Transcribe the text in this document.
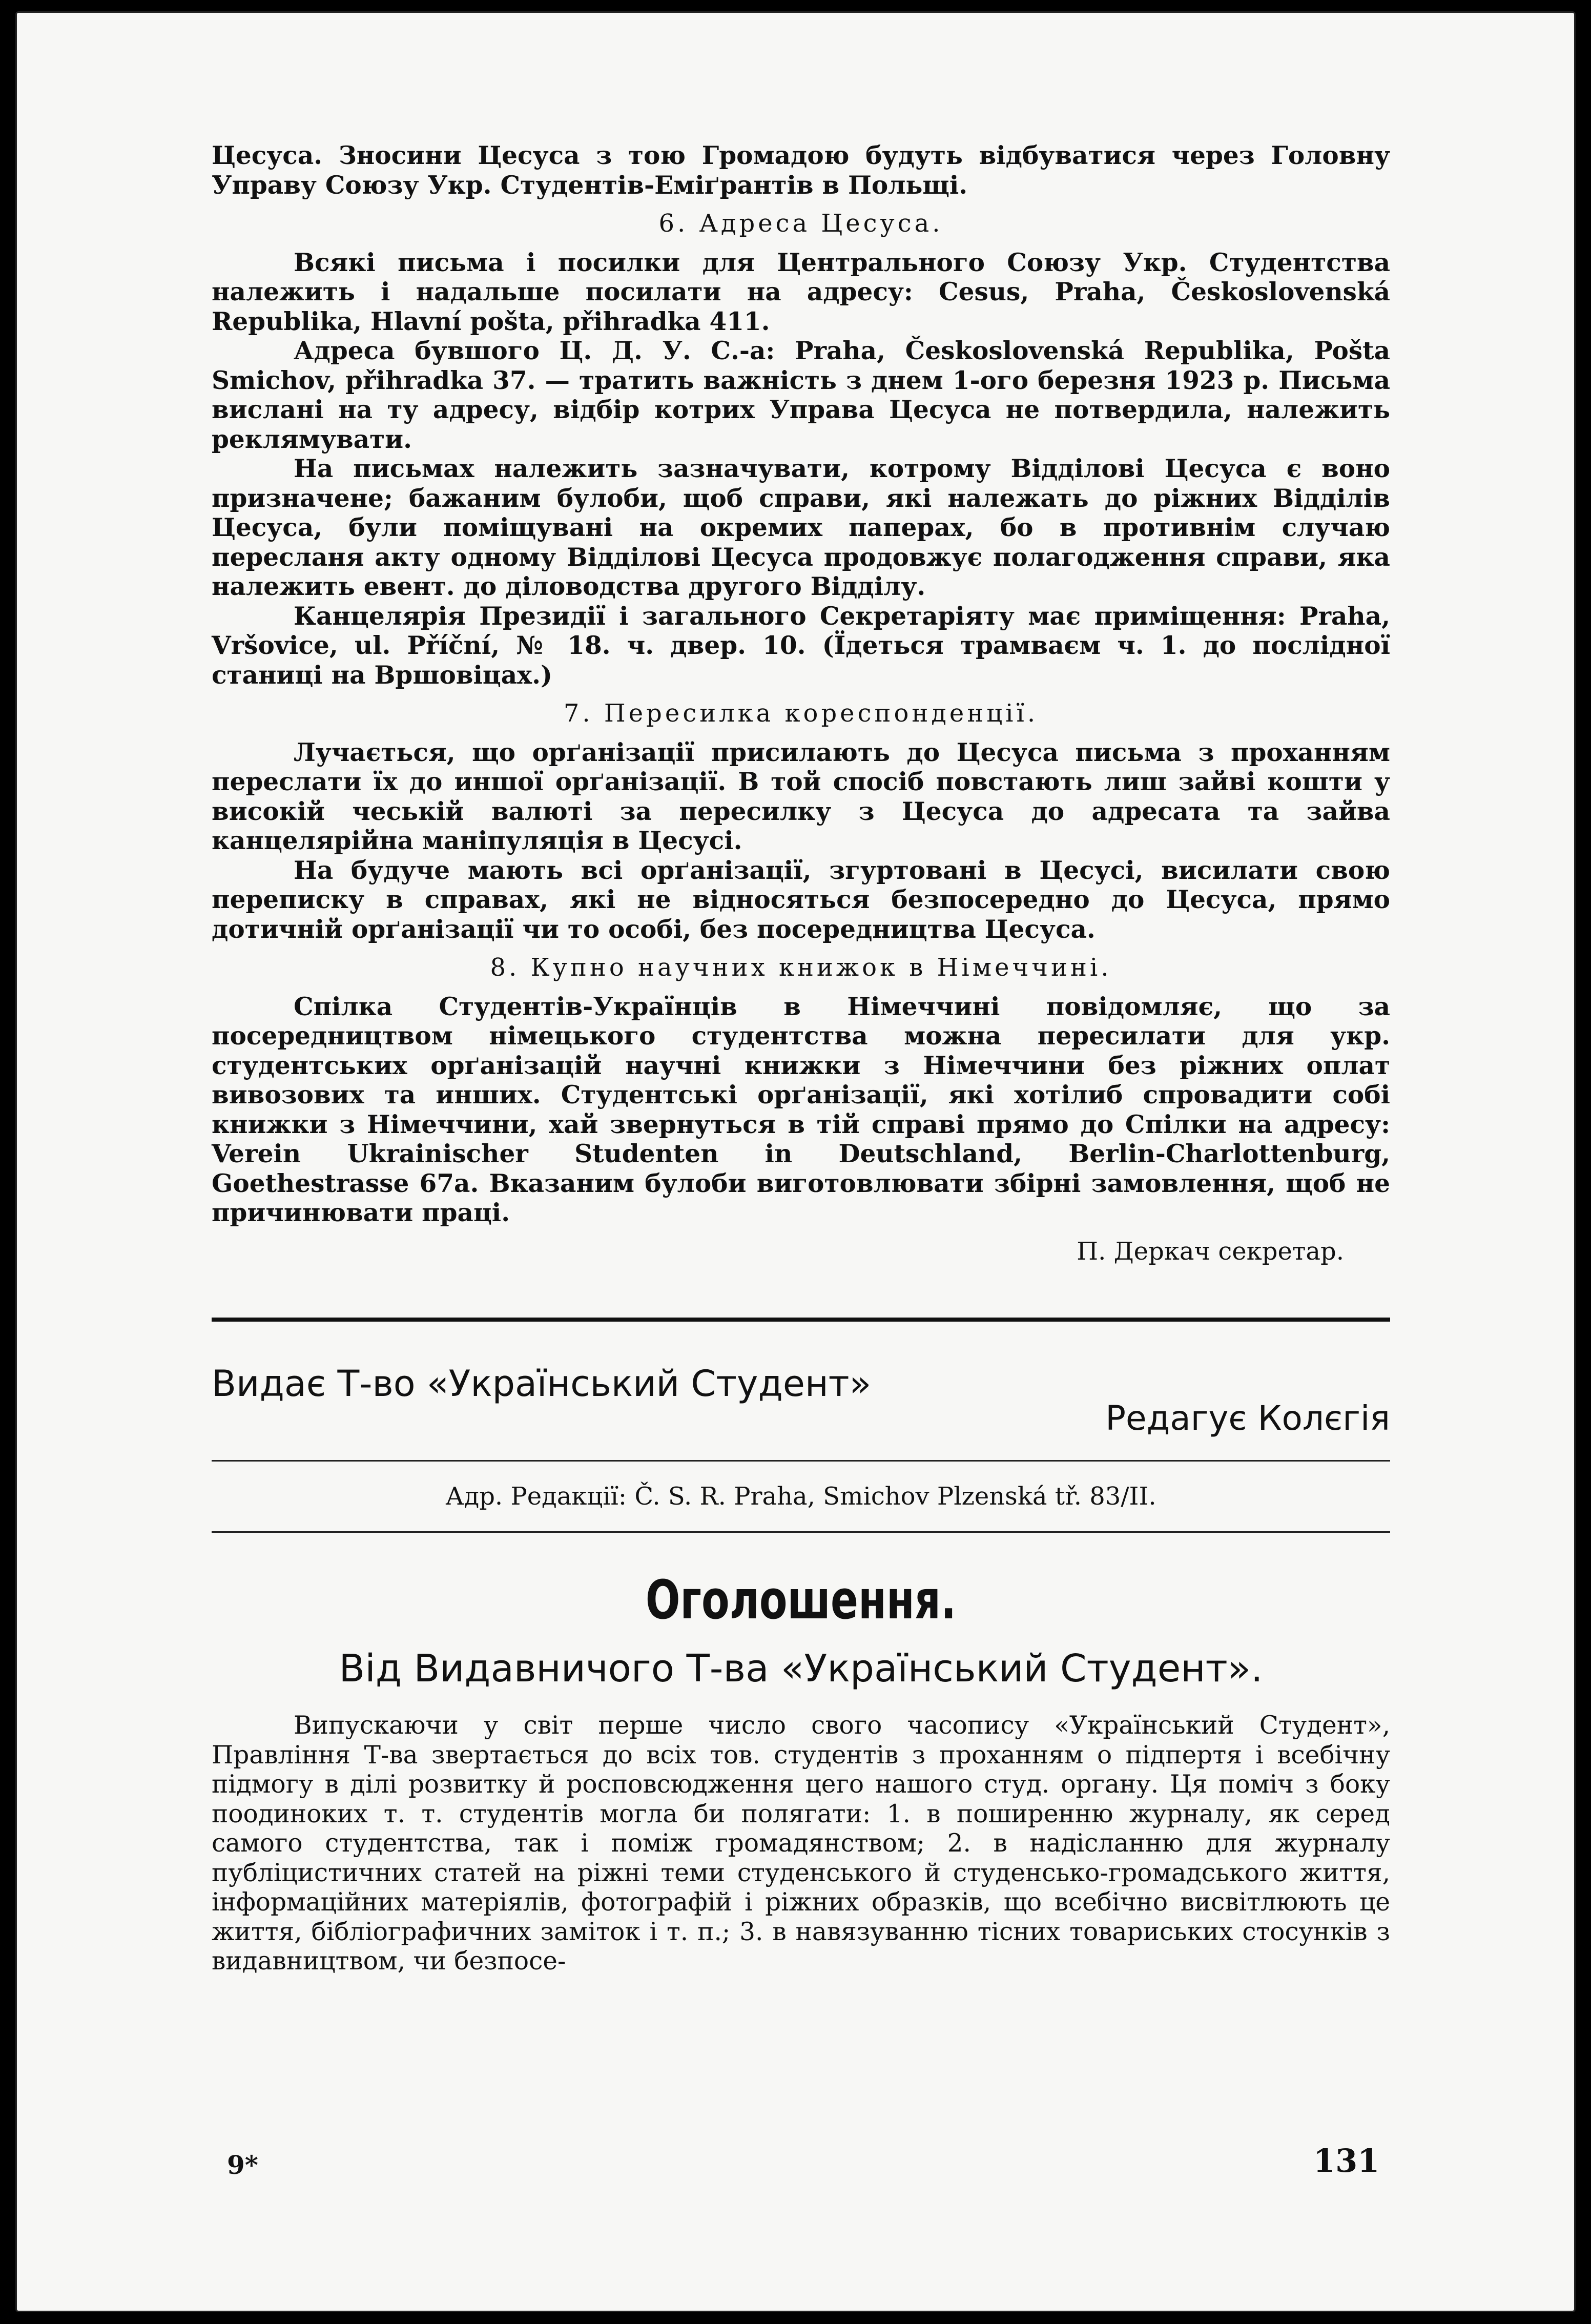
Цесуса. Зносини Цесуса з тою Громадою будуть відбуватися через Головну Управу Союзу Укр. Студентів-Еміґрантів в Польщі.

6. Адреса Цесуса.

Всякі письма і посилки для Центрального Союзу Укр. Студентства належить і надальше посилати на адресу: Cesus, Praha, Československá Republika, Hlavní pošta, přihradka 411.

Адреса бувшого Ц. Д. У. С.-а: Praha, Československá Republika, Pošta Smichov, přihradka 37. — тратить важність з днем 1-ого березня 1923 р. Письма вислані на ту адресу, відбір котрих Управа Цесуса не потвердила, належить реклямувати.

На письмах належить зазначувати, котрому Відділові Цесуса є воно призначене; бажаним булоби, щоб справи, які належать до ріжних Відділів Цесуса, були поміщувані на окремих паперах, бо в противнім случаю пересланя акту одному Відділові Цесуса продовжує полагодження справи, яка належить евент. до діловодства другого Відділу.

Канцелярія Президії і загального Секретаріяту має приміщення: Praha, Vršovice, ul. Příční, № 18. ч. двер. 10. (Їдеться трамваєм ч. 1. до послідної станиці на Вршовіцах.)

7. Пересилка кореспонденції.

Лучається, що орґанізації присилають до Цесуса письма з проханням переслати їх до иншої орґанізації. В той спосіб повстають лиш зайві кошти у високій чеській валюті за пересилку з Цесуса до адресата та зайва канцелярійна маніпуляція в Цесусі.

На будуче мають всі орґанізації, згуртовані в Цесусі, висилати свою переписку в справах, які не відносяться безпосередно до Цесуса, прямо дотичній орґанізації чи то особі, без посередництва Цесуса.

8. Купно научних книжок в Німеччині.

Спілка Студентів-Українців в Німеччині повідомляє, що за посередництвом німецького студентства можна пересилати для укр. студентських орґанізацій научні книжки з Німеччини без ріжних оплат вивозових та инших. Студентські орґанізації, які хотілиб спровадити собі книжки з Німеччини, хай звернуться в тій справі прямо до Спілки на адресу: Verein Ukrainischer Studenten in Deutschland, Berlin-Charlottenburg, Goethestrasse 67a. Вказаним булоби виготовлювати збірні замовлення, щоб не причинювати праці.

П. Деркач секретар.
Видає Т-во «Український Студент»
Редагує Колєгія
Адр. Редакції: Č. S. R. Praha, Smichov Plzenská tř. 83/II.
Оголошення.
Від Видавничого Т-ва «Український Студент».

Випускаючи у світ перше число свого часопису «Український Студент», Правління Т-ва звертається до всіх тов. студентів з проханням о підпертя і всебічну підмогу в ділі розвитку й росповсюдження цего нашого студ. органу. Ця поміч з боку поодиноких т. т. студентів могла би полягати: 1. в поширенню журналу, як серед самого студентства, так і поміж громадянством; 2. в надісланню для журналу публіцистичних статей на ріжні теми студенського й студенсько-громадського життя, інформаційних матеріялів, фотографій і ріжних образків, що всебічно висвітлюють це життя, бібліографичних заміток і т. п.; 3. в навязуванню тісних товариських стосунків з видавництвом, чи безпосе-

9*	131
